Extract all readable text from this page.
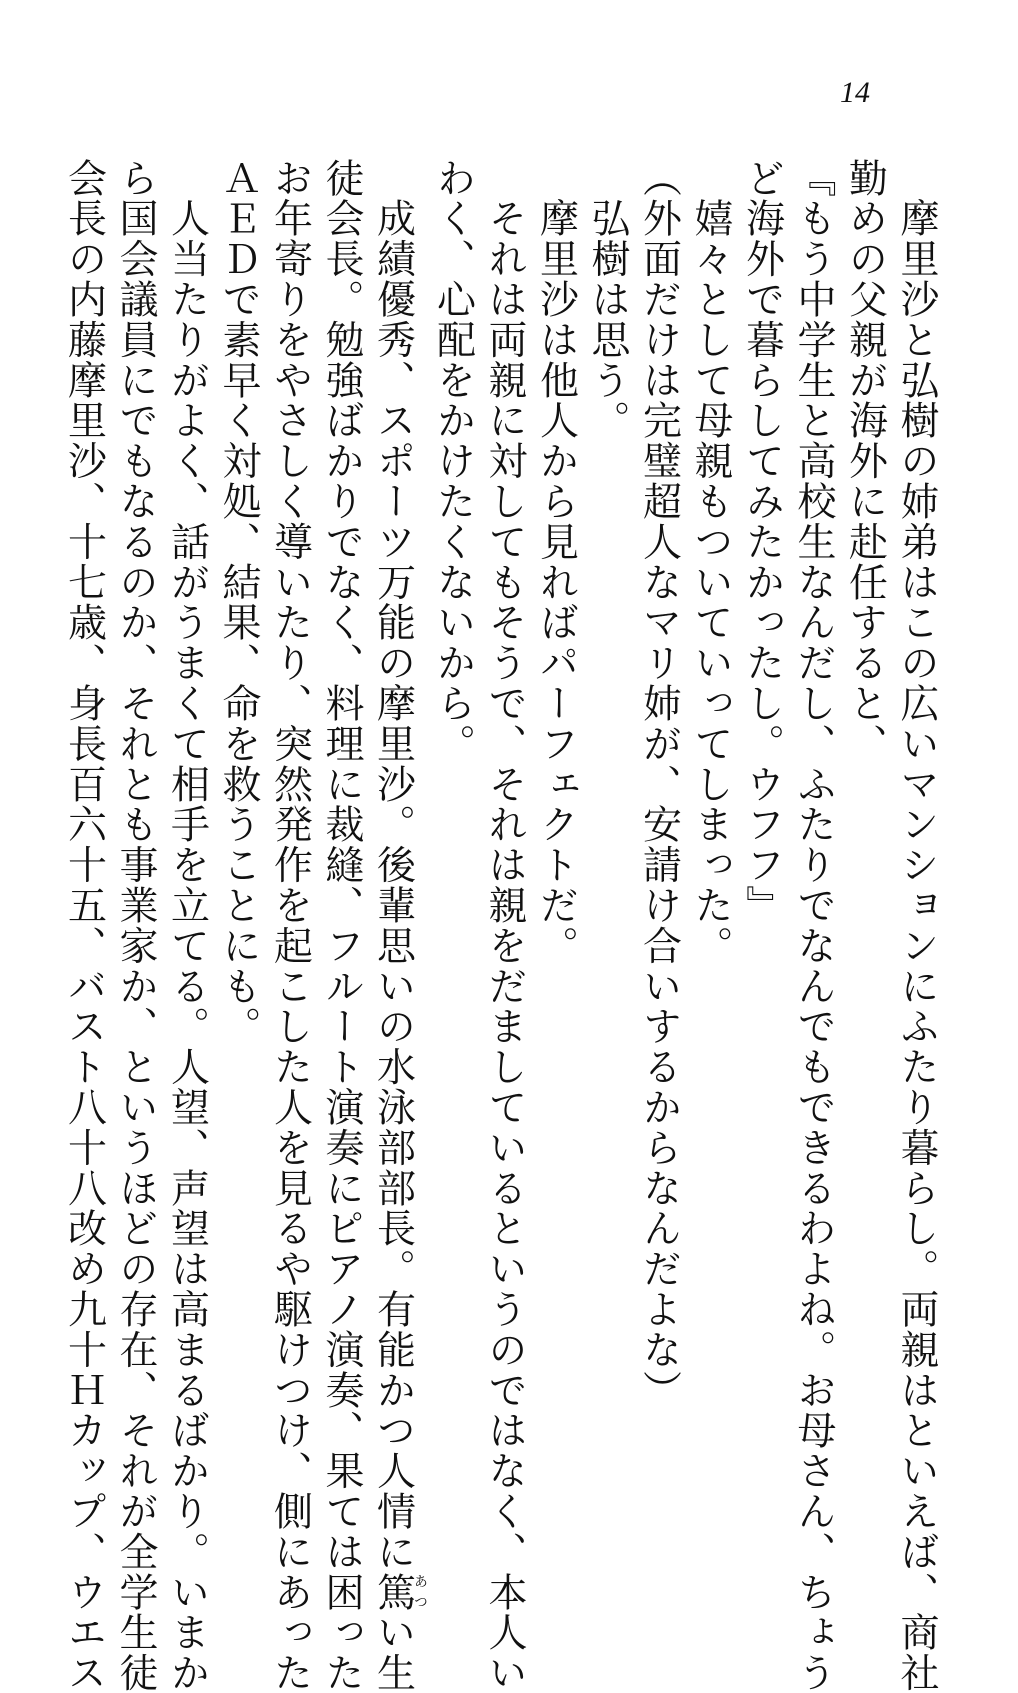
14
　摩里沙と弘樹の姉弟はこの広いマンションにふたり暮らし。両親はといえば、商社
勤めの父親が海外に赴任すると、
『もう中学生と高校生なんだし、ふたりでなんでもできるわよね。お母さん、ちょう
ど海外で暮らしてみたかったし。ウフフ』
　嬉々として母親もついていってしまった。
（外面だけは完璧超人なマリ姉が、安請け合いするからなんだよな）
　弘樹は思う。
　摩里沙は他人から見ればパーフェクトだ。
　それは両親に対してもそうで、それは親をだましているというのではなく、本人い
わく、心配をかけたくないから。
　成績優秀、スポーツ万能の摩里沙。後輩思いの水泳部部長。有能かつ人情に篤あつい生
徒会長。勉強ばかりでなく、料理に裁縫、フルート演奏にピアノ演奏、果ては困った
お年寄りをやさしく導いたり、突然発作を起こした人を見るや駆けつけ、側にあった
ＡＥＤで素早く対処、結果、命を救うことにも。
　人当たりがよく、話がうまくて相手を立てる。人望、声望は高まるばかり。いまか
ら国会議員にでもなるのか、それとも事業家か、というほどの存在、それが全学生徒
会長の内藤摩里沙、十七歳、身長百六十五、バスト八十八改め九十Ｈカップ、ウエス
